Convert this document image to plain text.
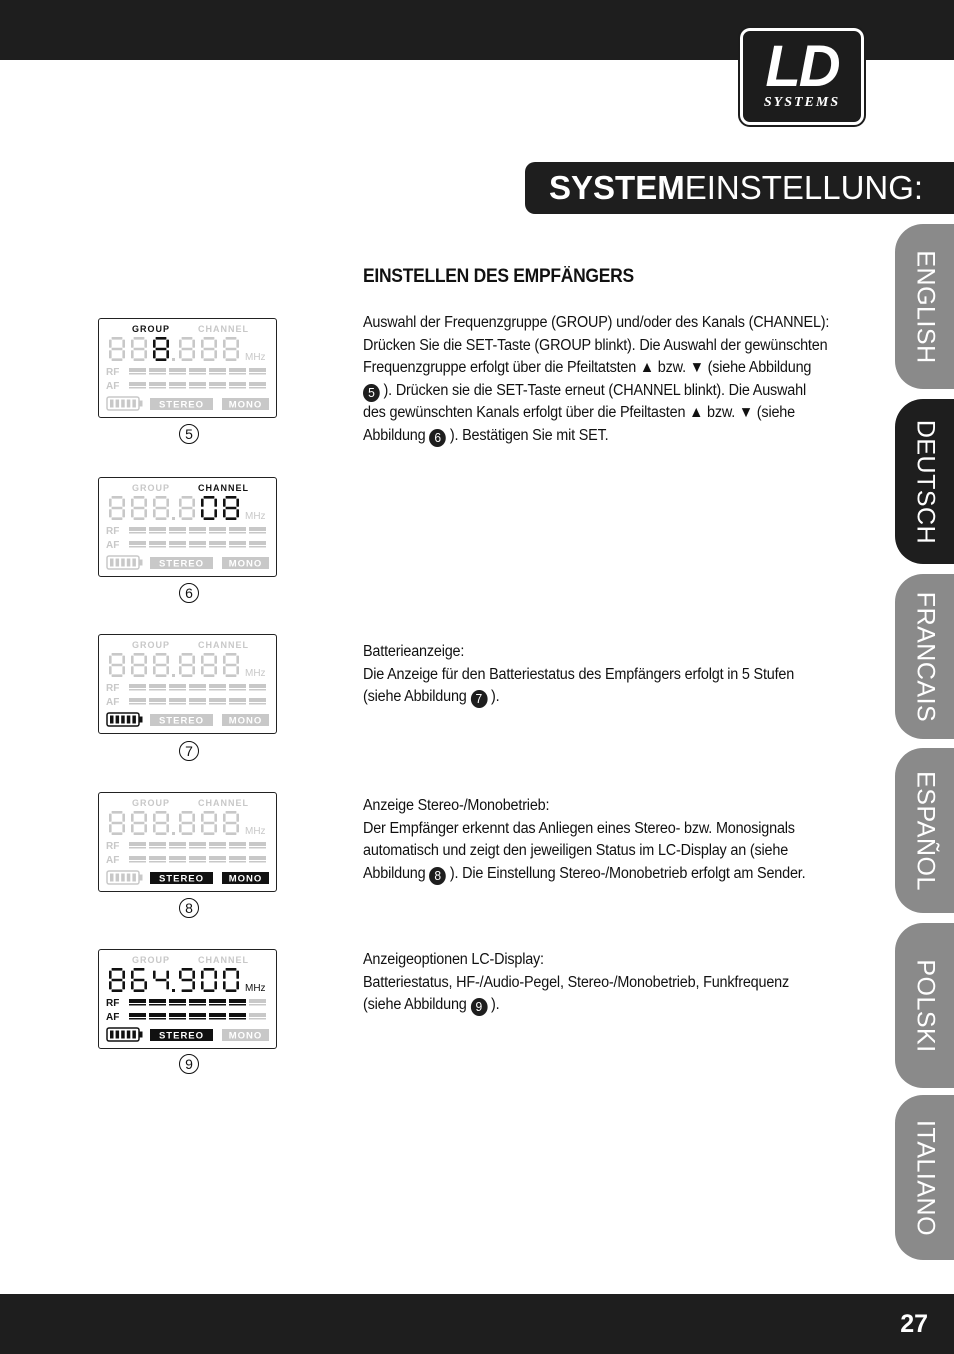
LD
SYSTEMS
SYSTEMEINSTELLUNG:
EINSTELLEN DES EMPFÄNGERS

Auswahl der Frequenzgruppe (GROUP) und/oder des Kanals (CHANNEL):

Drücken Sie die SET-Taste (GROUP blinkt). Die Auswahl der gewünschten

Frequenzgruppe erfolgt über die Pfeiltatsten ▲ bzw. ▼ (siehe Abbildung

5 ). Drücken sie die SET-Taste erneut (CHANNEL blinkt). Die Auswahl

des gewünschten Kanals erfolgt über die Pfeiltasten ▲ bzw. ▼ (siehe

Abbildung 6 ). Bestätigen Sie mit SET.

Batterieanzeige:

Die Anzeige für den Batteriestatus des Empfängers erfolgt in 5 Stufen

(siehe Abbildung 7 ).

Anzeige Stereo-/Monobetrieb:

Der Empfänger erkennt das Anliegen eines Stereo- bzw. Monosignals

automatisch und zeigt den jeweiligen Status im LC-Display an (siehe

Abbildung 8 ). Die Einstellung Stereo-/Monobetrieb erfolgt am Sender.

Anzeigeoptionen LC-Display:

Batteriestatus, HF-/Audio-Pegel, Stereo-/Monobetrieb, Funkfrequenz

(siehe Abbildung 9 ).

GROUP	CHANNEL
MHz
RF
AF
STEREO	MONO
5
GROUP	CHANNEL
MHz
RF
AF
STEREO	MONO
6
GROUP	CHANNEL
MHz
RF
AF
STEREO	MONO
7
GROUP	CHANNEL
MHz
RF
AF
STEREO	MONO
8
GROUP	CHANNEL
MHz
RF
AF
STEREO	MONO
9
ENGLISH
DEUTSCH
FRANCAIS
ESPAÑOL
POLSKI
ITALIANO
27
